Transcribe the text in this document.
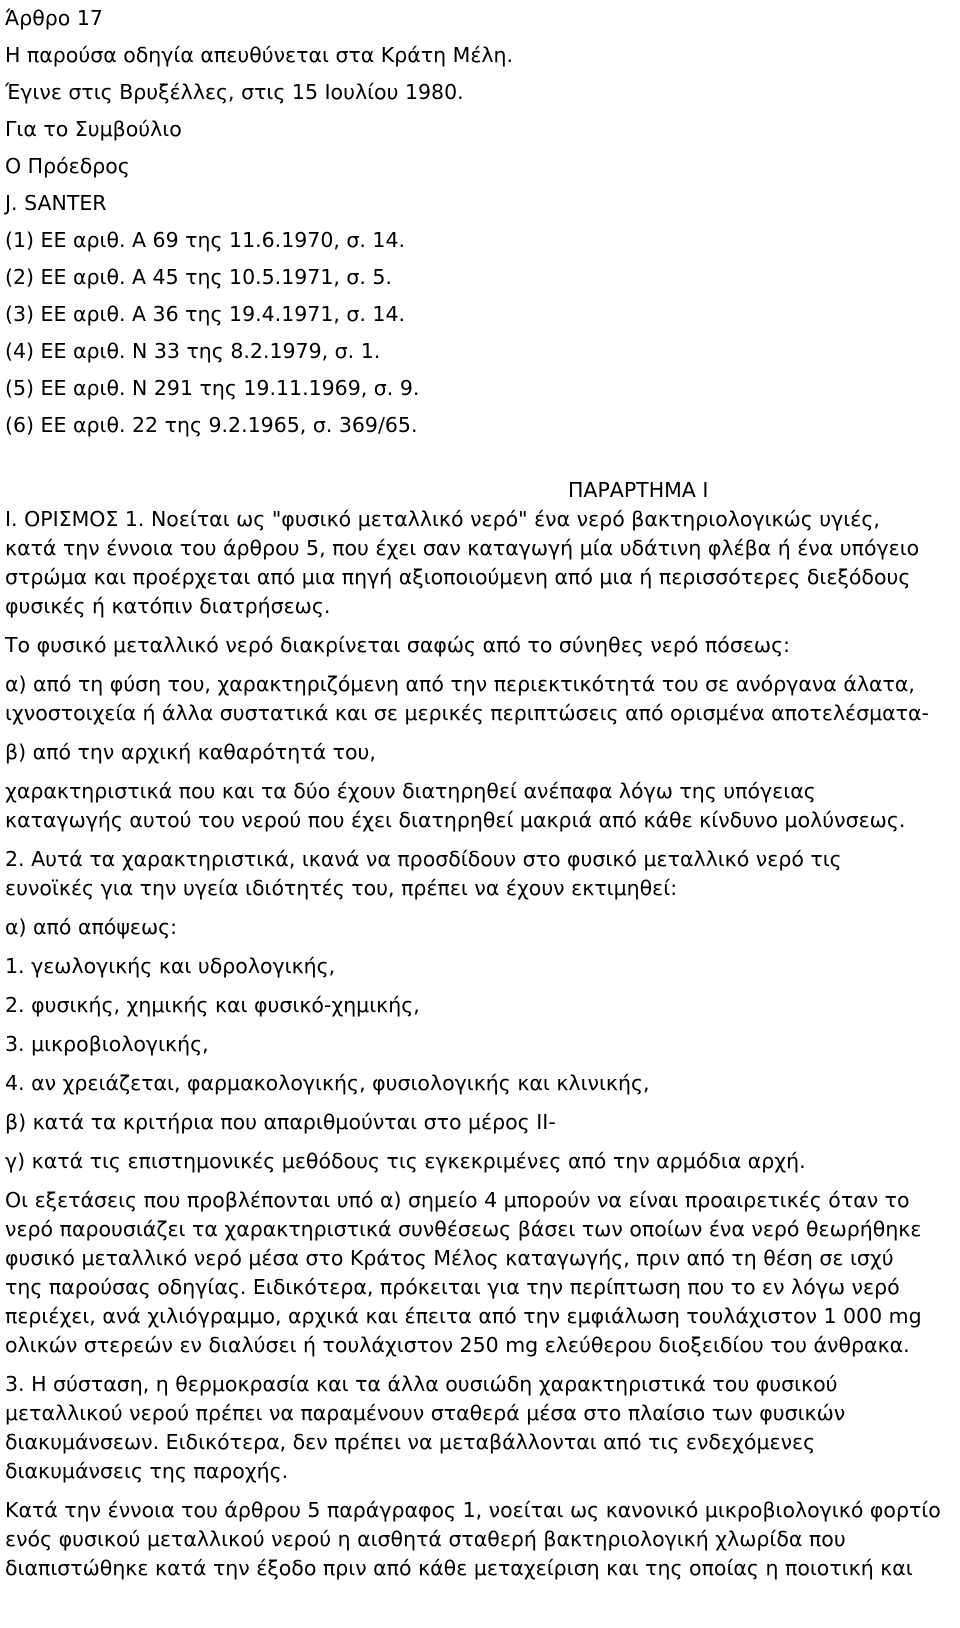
Άρθρο 17
Η παρούσα οδηγία απευθύνεται στα Κράτη Μέλη.
Έγινε στις Βρυξέλλες, στις 15 Ιουλίου 1980.
Για το Συμβούλιο
Ο Πρόεδρος
J. SANTER
(1) ΕΕ αριθ. Α 69 της 11.6.1970, σ. 14.
(2) ΕΕ αριθ. Α 45 της 10.5.1971, σ. 5.
(3) ΕΕ αριθ. Α 36 της 19.4.1971, σ. 14.
(4) ΕΕ αριθ. Ν 33 της 8.2.1979, σ. 1.
(5) ΕΕ αριθ. Ν 291 της 19.11.1969, σ. 9.
(6) ΕΕ αριθ. 22 της 9.2.1965, σ. 369/65.
ΠΑΡΑΡΤΗΜΑ Ι
Ι. ΟΡΙΣΜΟΣ 1. Νοείται ως "φυσικό μεταλλικό νερό" ένα νερό βακτηριολογικώς υγιές,
κατά την έννοια του άρθρου 5, που έχει σαν καταγωγή μία υδάτινη φλέβα ή ένα υπόγειο
στρώμα και προέρχεται από μια πηγή αξιοποιούμενη από μια ή περισσότερες διεξόδους
φυσικές ή κατόπιν διατρήσεως.
Το φυσικό μεταλλικό νερό διακρίνεται σαφώς από το σύνηθες νερό πόσεως:
α) από τη φύση του, χαρακτηριζόμενη από την περιεκτικότητά του σε ανόργανα άλατα,
ιχνοστοιχεία ή άλλα συστατικά και σε μερικές περιπτώσεις από ορισμένα αποτελέσματα-
β) από την αρχική καθαρότητά του,
χαρακτηριστικά που και τα δύο έχουν διατηρηθεί ανέπαφα λόγω της υπόγειας
καταγωγής αυτού του νερού που έχει διατηρηθεί μακριά από κάθε κίνδυνο μολύνσεως.
2. Αυτά τα χαρακτηριστικά, ικανά να προσδίδουν στο φυσικό μεταλλικό νερό τις
ευνοϊκές για την υγεία ιδιότητές του, πρέπει να έχουν εκτιμηθεί:
α) από απόψεως:
1. γεωλογικής και υδρολογικής,
2. φυσικής, χημικής και φυσικό-χημικής,
3. μικροβιολογικής,
4. αν χρειάζεται, φαρμακολογικής, φυσιολογικής και κλινικής,
β) κατά τα κριτήρια που απαριθμούνται στο μέρος ΙΙ-
γ) κατά τις επιστημονικές μεθόδους τις εγκεκριμένες από την αρμόδια αρχή.
Οι εξετάσεις που προβλέπονται υπό α) σημείο 4 μπορούν να είναι προαιρετικές όταν το
νερό παρουσιάζει τα χαρακτηριστικά συνθέσεως βάσει των οποίων ένα νερό θεωρήθηκε
φυσικό μεταλλικό νερό μέσα στο Κράτος Μέλος καταγωγής, πριν από τη θέση σε ισχύ
της παρούσας οδηγίας. Ειδικότερα, πρόκειται για την περίπτωση που το εν λόγω νερό
περιέχει, ανά χιλιόγραμμο, αρχικά και έπειτα από την εμφιάλωση τουλάχιστον 1 000 mg
ολικών στερεών εν διαλύσει ή τουλάχιστον 250 mg ελεύθερου διοξειδίου του άνθρακα.
3. Η σύσταση, η θερμοκρασία και τα άλλα ουσιώδη χαρακτηριστικά του φυσικού
μεταλλικού νερού πρέπει να παραμένουν σταθερά μέσα στο πλαίσιο των φυσικών
διακυμάνσεων. Ειδικότερα, δεν πρέπει να μεταβάλλονται από τις ενδεχόμενες
διακυμάνσεις της παροχής.
Κατά την έννοια του άρθρου 5 παράγραφος 1, νοείται ως κανονικό μικροβιολογικό φορτίο
ενός φυσικού μεταλλικού νερού η αισθητά σταθερή βακτηριολογική χλωρίδα που
διαπιστώθηκε κατά την έξοδο πριν από κάθε μεταχείριση και της οποίας η ποιοτική και
